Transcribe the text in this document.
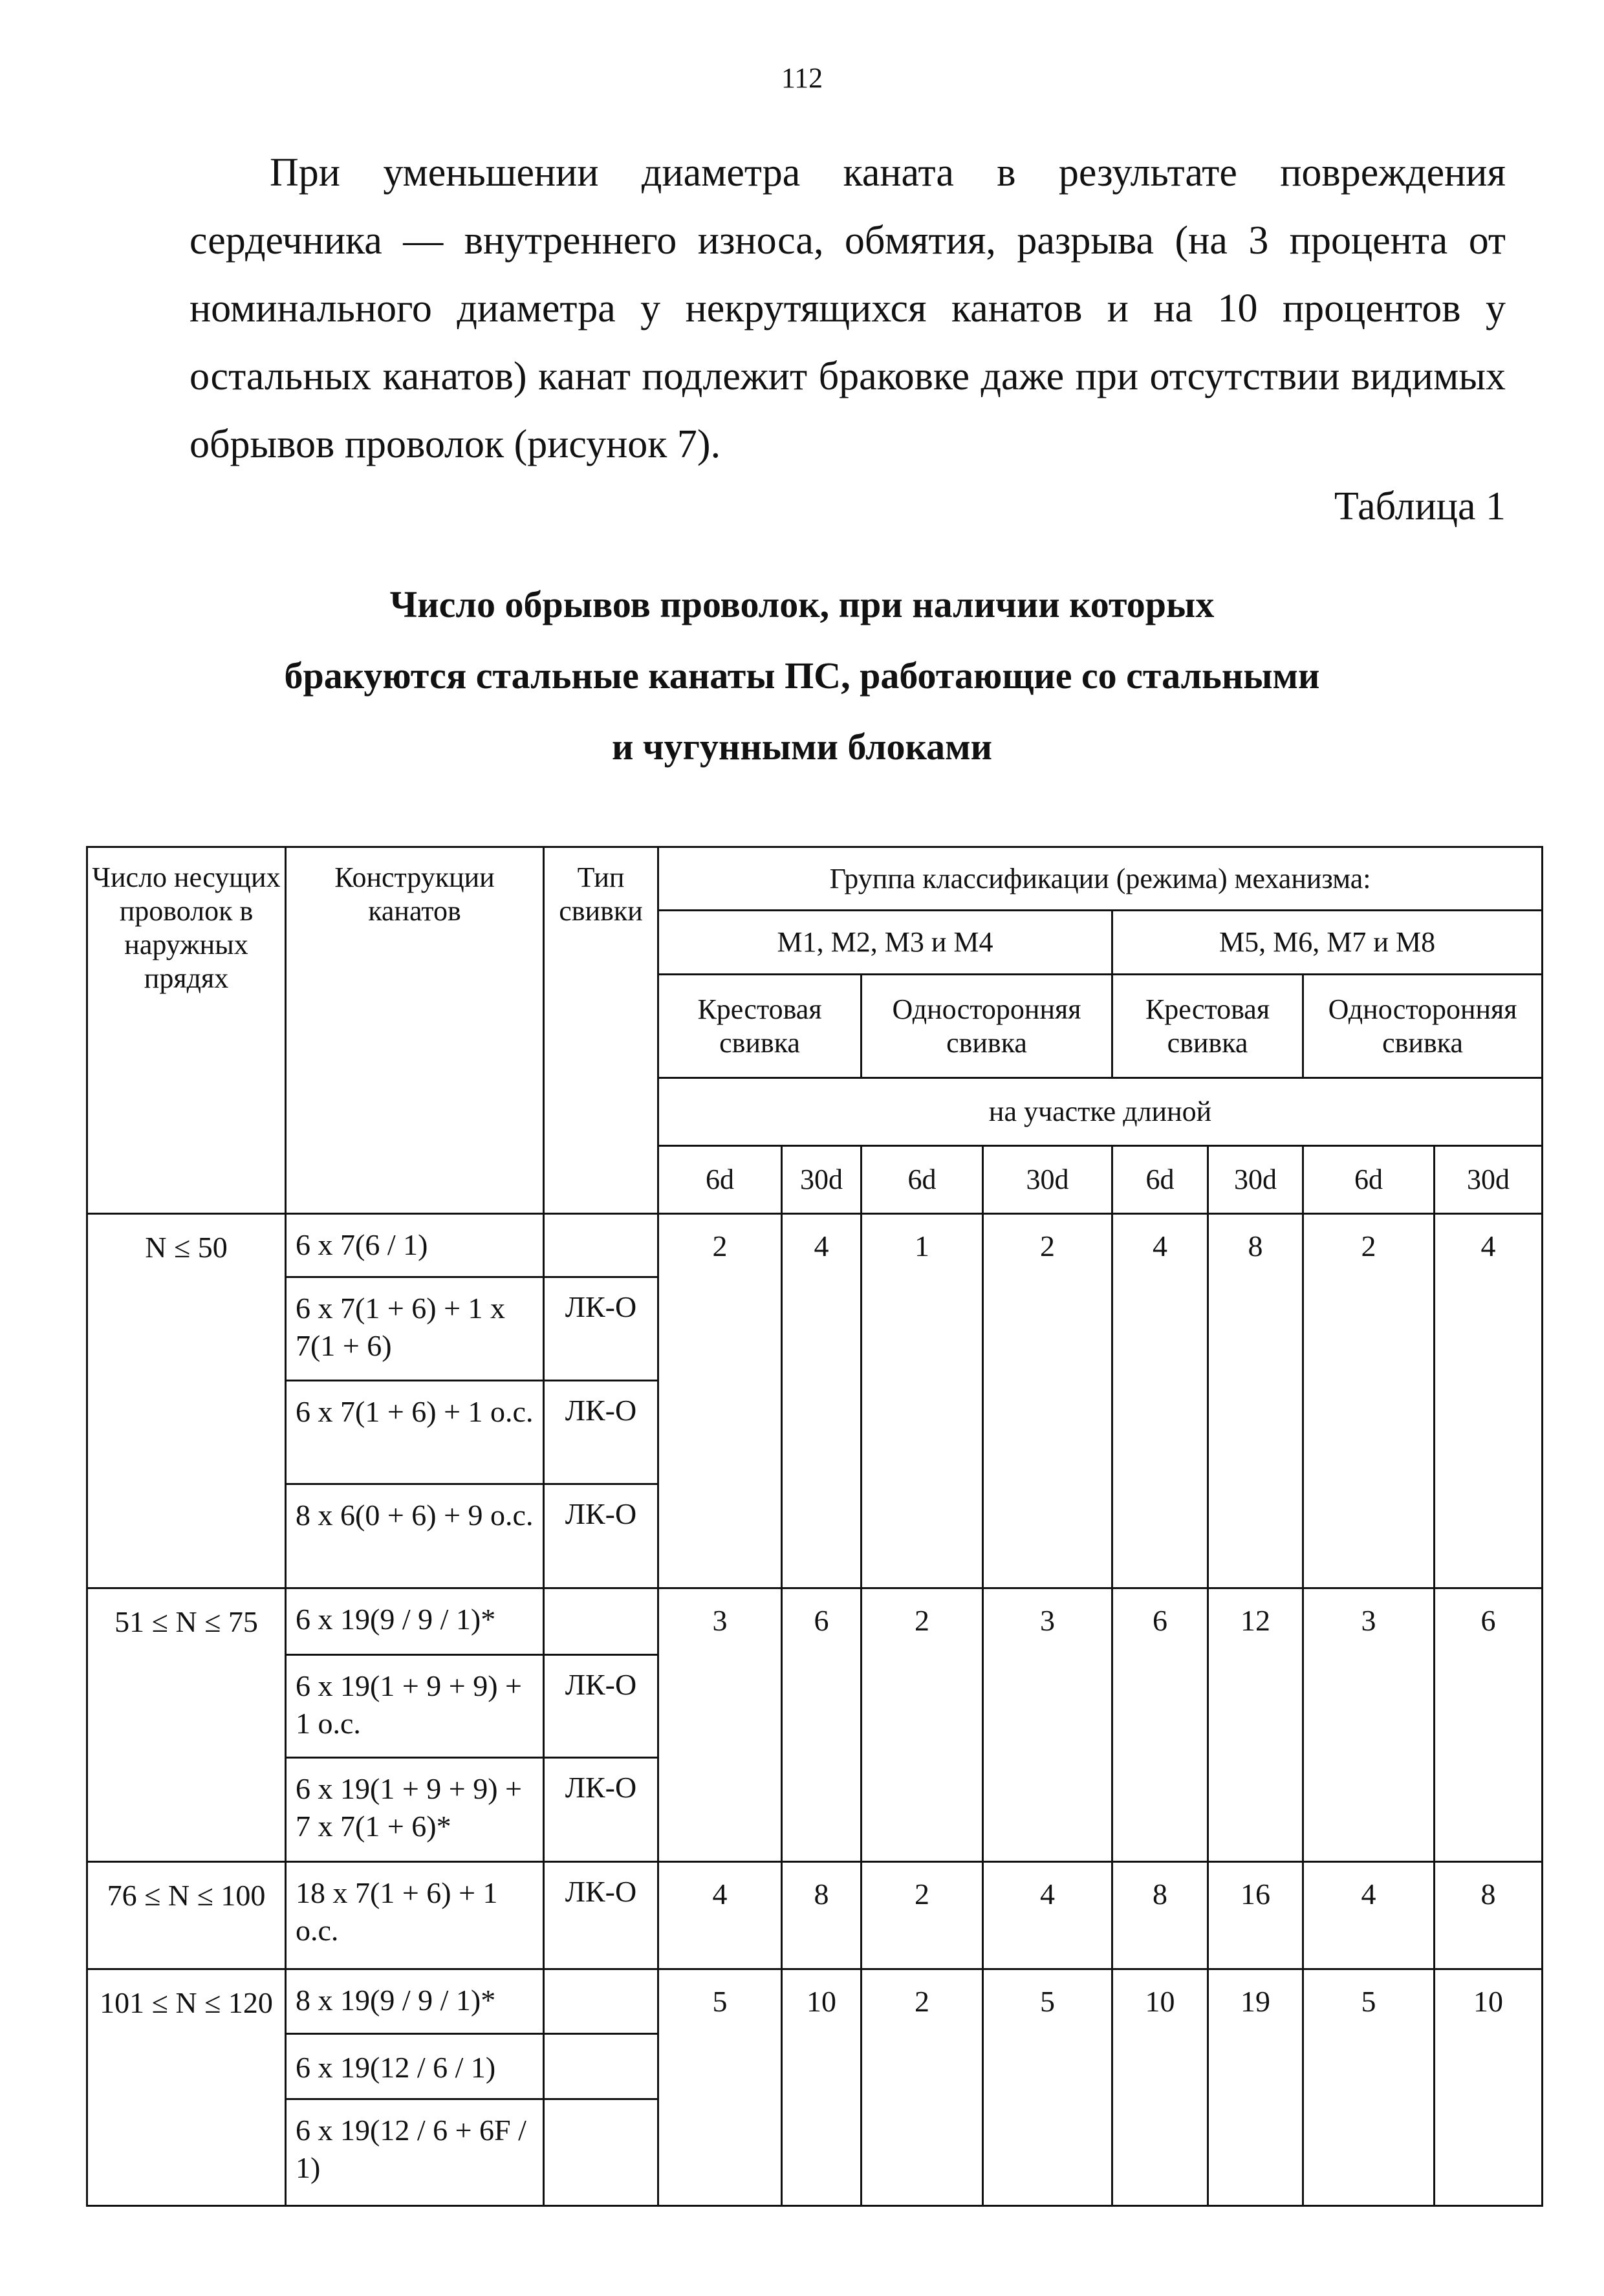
112

При уменьшении диаметра каната в результате повреждения сердечника — внутреннего износа, обмятия, разрыва (на 3 процента от номинального диаметра у некрутящихся канатов и на 10 процентов у остальных канатов) канат подлежит браковке даже при отсутствии видимых обрывов проволок (рисунок 7).

Таблица 1
Число обрывов проволок, при наличии которых
бракуются стальные канаты ПС, работающие со стальными
и чугунными блоками
Число несущих проволок в наружных прядях	Конструкции канатов	Тип свивки	Группа классификации (режима) механизма:							
			M1, M2, M3 и M4				M5, M6, M7 и M8			
			Крестовая свивка		Односторонняя свивка		Крестовая свивка		Односторонняя свивка	
			на участке длиной							
			6d	30d	6d	30d	6d	30d	6d	30d

N ≤ 50	6 x 7(6 / 1)		2	4	1	2	4	8	2	4
	6 x 7(1 + 6) + 1 x 7(1 + 6)	ЛК-О								
	6 x 7(1 + 6) + 1 о.с.	ЛК-О								
	8 x 6(0 + 6) + 9 о.с.	ЛК-О								
51 ≤ N ≤ 75	6 x 19(9 / 9 / 1)*		3	6	2	3	6	12	3	6
	6 x 19(1 + 9 + 9) + 1 о.с.	ЛК-О								
	6 x 19(1 + 9 + 9) + 7 x 7(1 + 6)*	ЛК-О								
76 ≤ N ≤ 100	18 x 7(1 + 6) + 1 о.с.	ЛК-О	4	8	2	4	8	16	4	8
101 ≤ N ≤ 120	8 x 19(9 / 9 / 1)*		5	10	2	5	10	19	5	10
	6 x 19(12 / 6 / 1)									
	6 x 19(12 / 6 + 6F / 1)									
